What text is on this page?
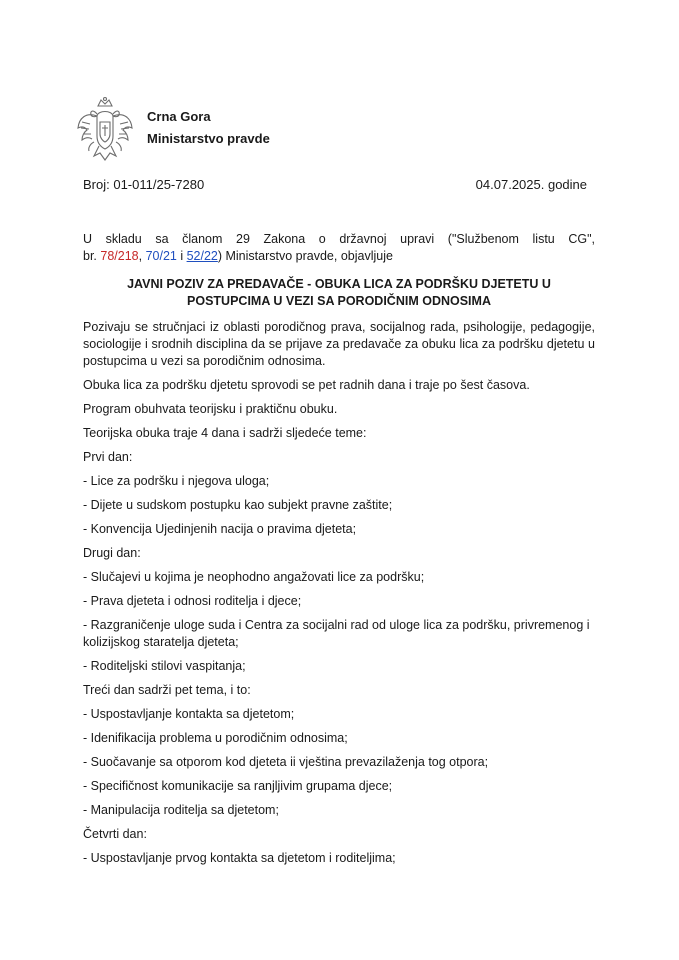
Crna Gora
Ministarstvo pravde
Broj: 01-011/25-7280	04.07.2025. godine
U skladu sa članom 29 Zakona o državnoj upravi ("Službenom listu CG",
br. 78/218, 70/21 i 52/22) Ministarstvo pravde, objavljuje
JAVNI POZIV ZA PREDAVAČE - OBUKA LICA ZA PODRŠKU DJETETU U
POSTUPCIMA U VEZI SA PORODIČNIM ODNOSIMA

Pozivaju se stručnjaci iz oblasti porodičnog prava, socijalnog rada, psihologije, pedagogije, sociologije i srodnih disciplina da se prijave za predavače za obuku lica za podršku djetetu u postupcima u vezi sa porodičnim odnosima.

Obuka lica za podršku djetetu sprovodi se pet radnih dana i traje po šest časova.

Program obuhvata teorijsku i praktičnu obuku.

Teorijska obuka traje 4 dana i sadrži sljedeće teme:

Prvi dan:

- Lice za podršku i njegova uloga;

- Dijete u sudskom postupku kao subjekt pravne zaštite;

- Konvencija Ujedinjenih nacija o pravima djeteta;

Drugi dan:

- Slučajevi u kojima je neophodno angažovati lice za podršku;

- Prava djeteta i odnosi roditelja i djece;

- Razgraničenje uloge suda i Centra za socijalni rad od uloge lica za podršku, privremenog i kolizijskog staratelja djeteta;

- Roditeljski stilovi vaspitanja;

Treći dan sadrži pet tema, i to:

- Uspostavljanje kontakta sa djetetom;

- Idenifikacija problema u porodičnim odnosima;

- Suočavanje sa otporom kod djeteta ii vještina prevazilaženja tog otpora;

- Specifičnost komunikacije sa ranjljivim grupama djece;

- Manipulacija roditelja sa djetetom;

Četvrti dan:

- Uspostavljanje prvog kontakta sa djetetom i roditeljima;
